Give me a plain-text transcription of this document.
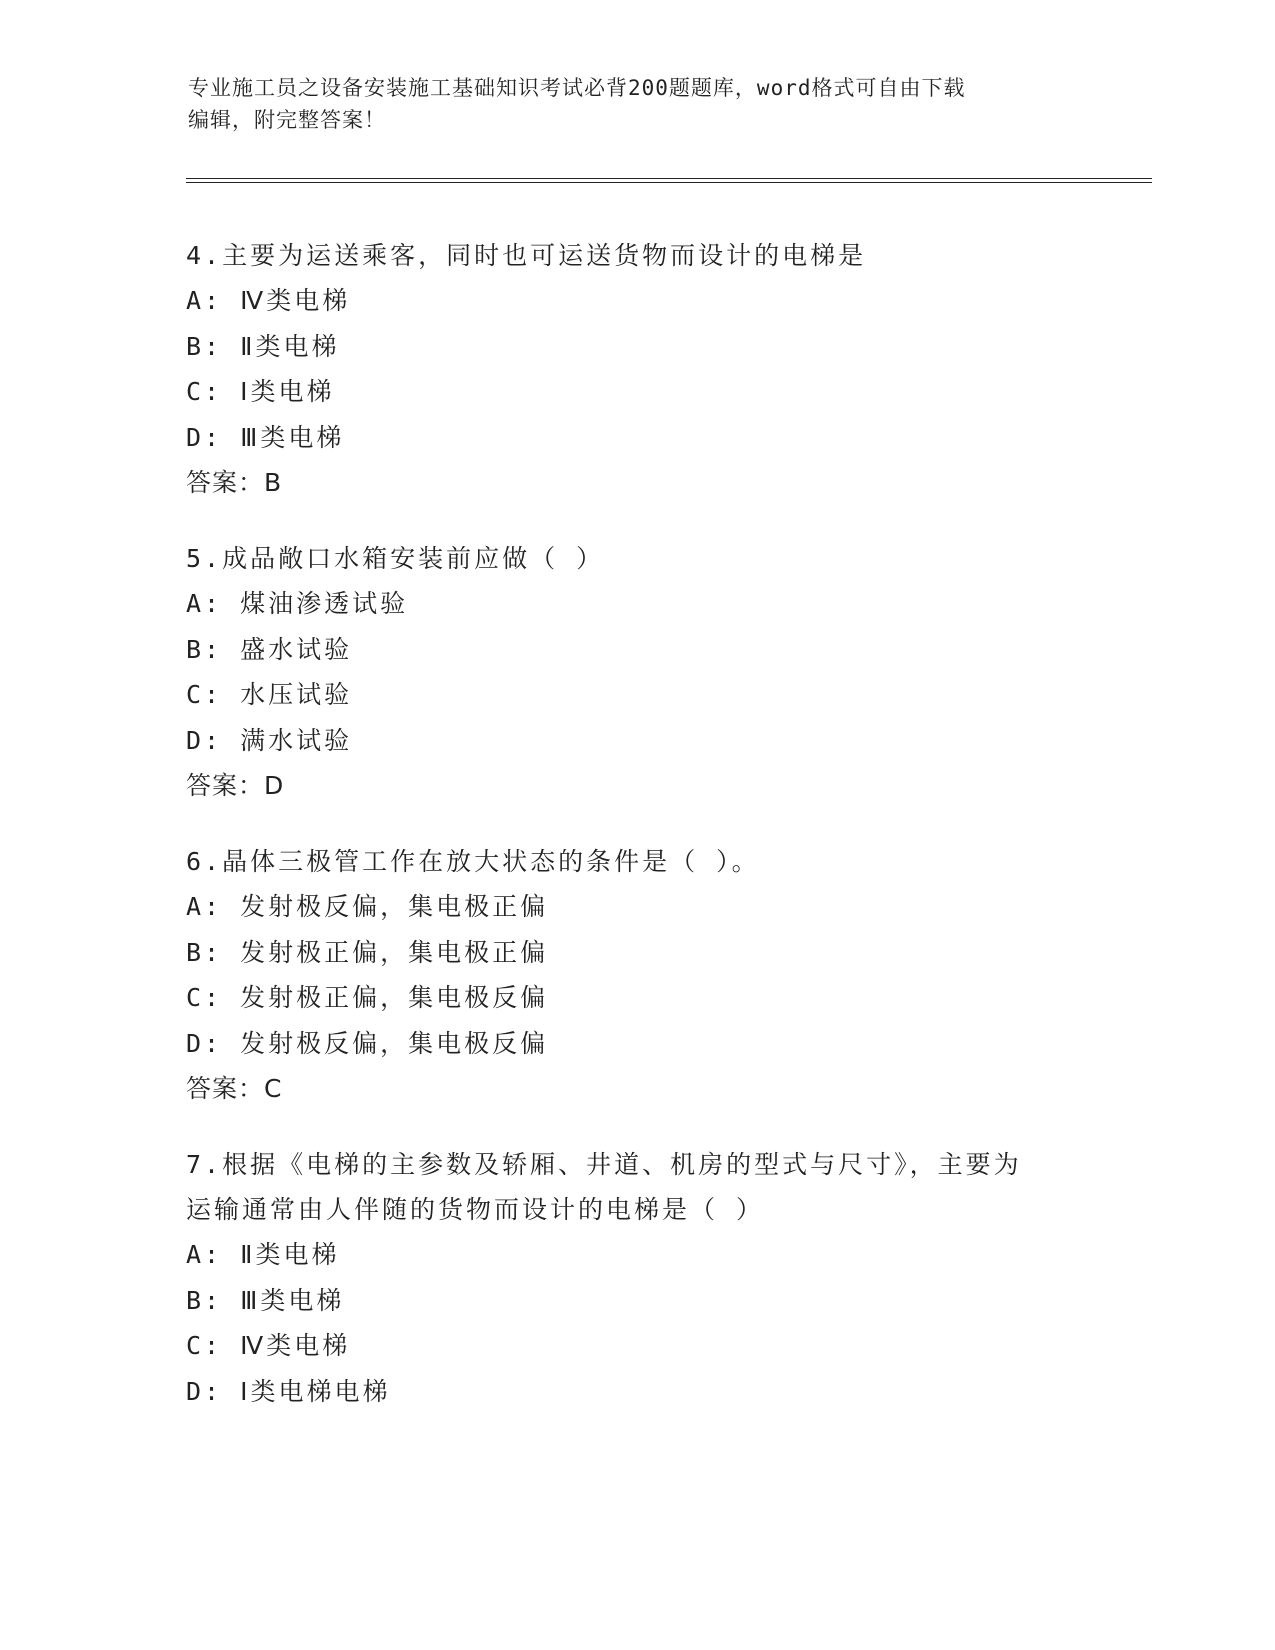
专业施工员之设备安装施工基础知识考试必背200题题库，word格式可自由下载
编辑，附完整答案！
4.主要为运送乘客，同时也可运送货物而设计的电梯是
A: Ⅳ类电梯
B: Ⅱ类电梯
C: Ⅰ类电梯
D: Ⅲ类电梯
答案：B
5.成品敞口水箱安装前应做（ ）
A: 煤油渗透试验
B: 盛水试验
C: 水压试验
D: 满水试验
答案：D
6.晶体三极管工作在放大状态的条件是（ ）。
A: 发射极反偏，集电极正偏
B: 发射极正偏，集电极正偏
C: 发射极正偏，集电极反偏
D: 发射极反偏，集电极反偏
答案：C
7.根据《电梯的主参数及轿厢、井道、机房的型式与尺寸》，主要为
运输通常由人伴随的货物而设计的电梯是（ ）
A: Ⅱ类电梯
B: Ⅲ类电梯
C: Ⅳ类电梯
D: Ⅰ类电梯电梯
